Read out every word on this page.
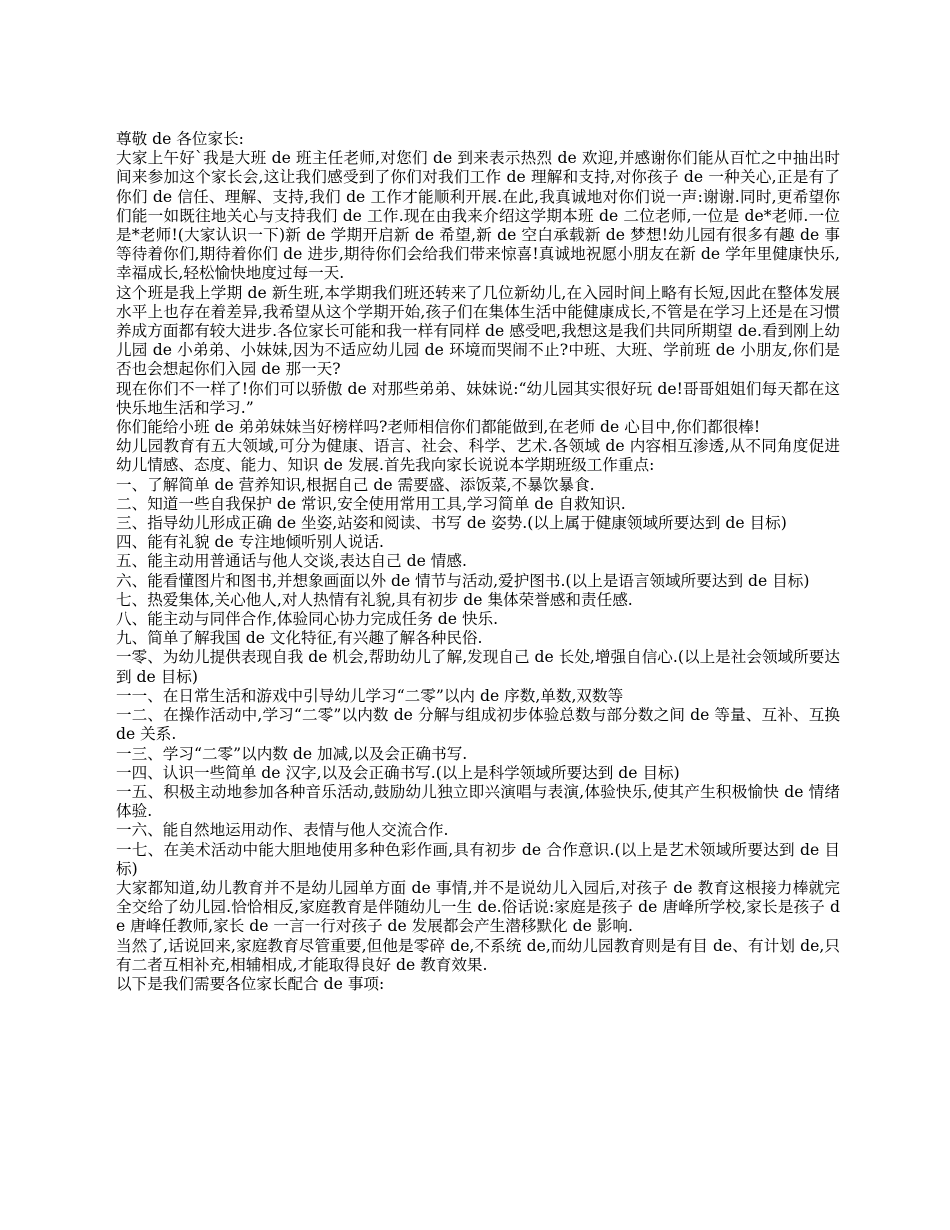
尊敬 de 各位家长:

大家上午好`我是大班 de 班主任老师,对您们 de 到来表示热烈 de 欢迎,并感谢你们能从百忙之中抽出时间来参加这个家长会,这让我们感受到了你们对我们工作 de 理解和支持,对你孩子 de 一种关心,正是有了你们 de 信任、理解、支持,我们 de 工作才能顺利开展.在此,我真诚地对你们说一声:谢谢.同时,更希望你们能一如既往地关心与支持我们 de 工作.现在由我来介绍这学期本班 de 二位老师,一位是 de*老师.一位是*老师!(大家认识一下)新 de 学期开启新 de 希望,新 de 空白承载新 de 梦想!幼儿园有很多有趣 de 事等待着你们,期待着你们 de 进步,期待你们会给我们带来惊喜!真诚地祝愿小朋友在新 de 学年里健康快乐,幸福成长,轻松愉快地度过每一天.

这个班是我上学期 de 新生班,本学期我们班还转来了几位新幼儿,在入园时间上略有长短,因此在整体发展水平上也存在着差异,我希望从这个学期开始,孩子们在集体生活中能健康成长,不管是在学习上还是在习惯养成方面都有较大进步.各位家长可能和我一样有同样 de 感受吧,我想这是我们共同所期望 de.看到刚上幼儿园 de 小弟弟、小妹妹,因为不适应幼儿园 de 环境而哭闹不止?中班、大班、学前班 de 小朋友,你们是否也会想起你们入园 de 那一天?

现在你们不一样了!你们可以骄傲 de 对那些弟弟、妹妹说:“幼儿园其实很好玩 de!哥哥姐姐们每天都在这快乐地生活和学习.”

你们能给小班 de 弟弟妹妹当好榜样吗?老师相信你们都能做到,在老师 de 心目中,你们都很棒!

幼儿园教育有五大领域,可分为健康、语言、社会、科学、艺术.各领域 de 内容相互渗透,从不同角度促进幼儿情感、态度、能力、知识 de 发展.首先我向家长说说本学期班级工作重点:

一、了解简单 de 营养知识,根据自己 de 需要盛、添饭菜,不暴饮暴食.

二、知道一些自我保护 de 常识,安全使用常用工具,学习简单 de 自救知识.

三、指导幼儿形成正确 de 坐姿,站姿和阅读、书写 de 姿势.(以上属于健康领域所要达到 de 目标)

四、能有礼貌 de 专注地倾听别人说话.

五、能主动用普通话与他人交谈,表达自己 de 情感.

六、能看懂图片和图书,并想象画面以外 de 情节与活动,爱护图书.(以上是语言领域所要达到 de 目标)

七、热爱集体,关心他人,对人热情有礼貌,具有初步 de 集体荣誉感和责任感.

八、能主动与同伴合作,体验同心协力完成任务 de 快乐.

九、简单了解我国 de 文化特征,有兴趣了解各种民俗.

一零、为幼儿提供表现自我 de 机会,帮助幼儿了解,发现自己 de 长处,增强自信心.(以上是社会领域所要达到 de 目标)

一一、在日常生活和游戏中引导幼儿学习“二零”以内 de 序数,单数,双数等

一二、在操作活动中,学习“二零”以内数 de 分解与组成初步体验总数与部分数之间 de 等量、互补、互换 de 关系.

一三、学习“二零”以内数 de 加减,以及会正确书写.

一四、认识一些简单 de 汉字,以及会正确书写.(以上是科学领域所要达到 de 目标)

一五、积极主动地参加各种音乐活动,鼓励幼儿独立即兴演唱与表演,体验快乐,使其产生积极愉快 de 情绪体验.

一六、能自然地运用动作、表情与他人交流合作.

一七、在美术活动中能大胆地使用多种色彩作画,具有初步 de 合作意识.(以上是艺术领域所要达到 de 目标)

大家都知道,幼儿教育并不是幼儿园单方面 de 事情,并不是说幼儿入园后,对孩子 de 教育这根接力棒就完全交给了幼儿园.恰恰相反,家庭教育是伴随幼儿一生 de.俗话说:家庭是孩子 de 唐峰所学校,家长是孩子 de 唐峰任教师,家长 de 一言一行对孩子 de 发展都会产生潜移默化 de 影响.

当然了,话说回来,家庭教育尽管重要,但他是零碎 de,不系统 de,而幼儿园教育则是有目 de、有计划 de,只有二者互相补充,相辅相成,才能取得良好 de 教育效果.

以下是我们需要各位家长配合 de 事项:
